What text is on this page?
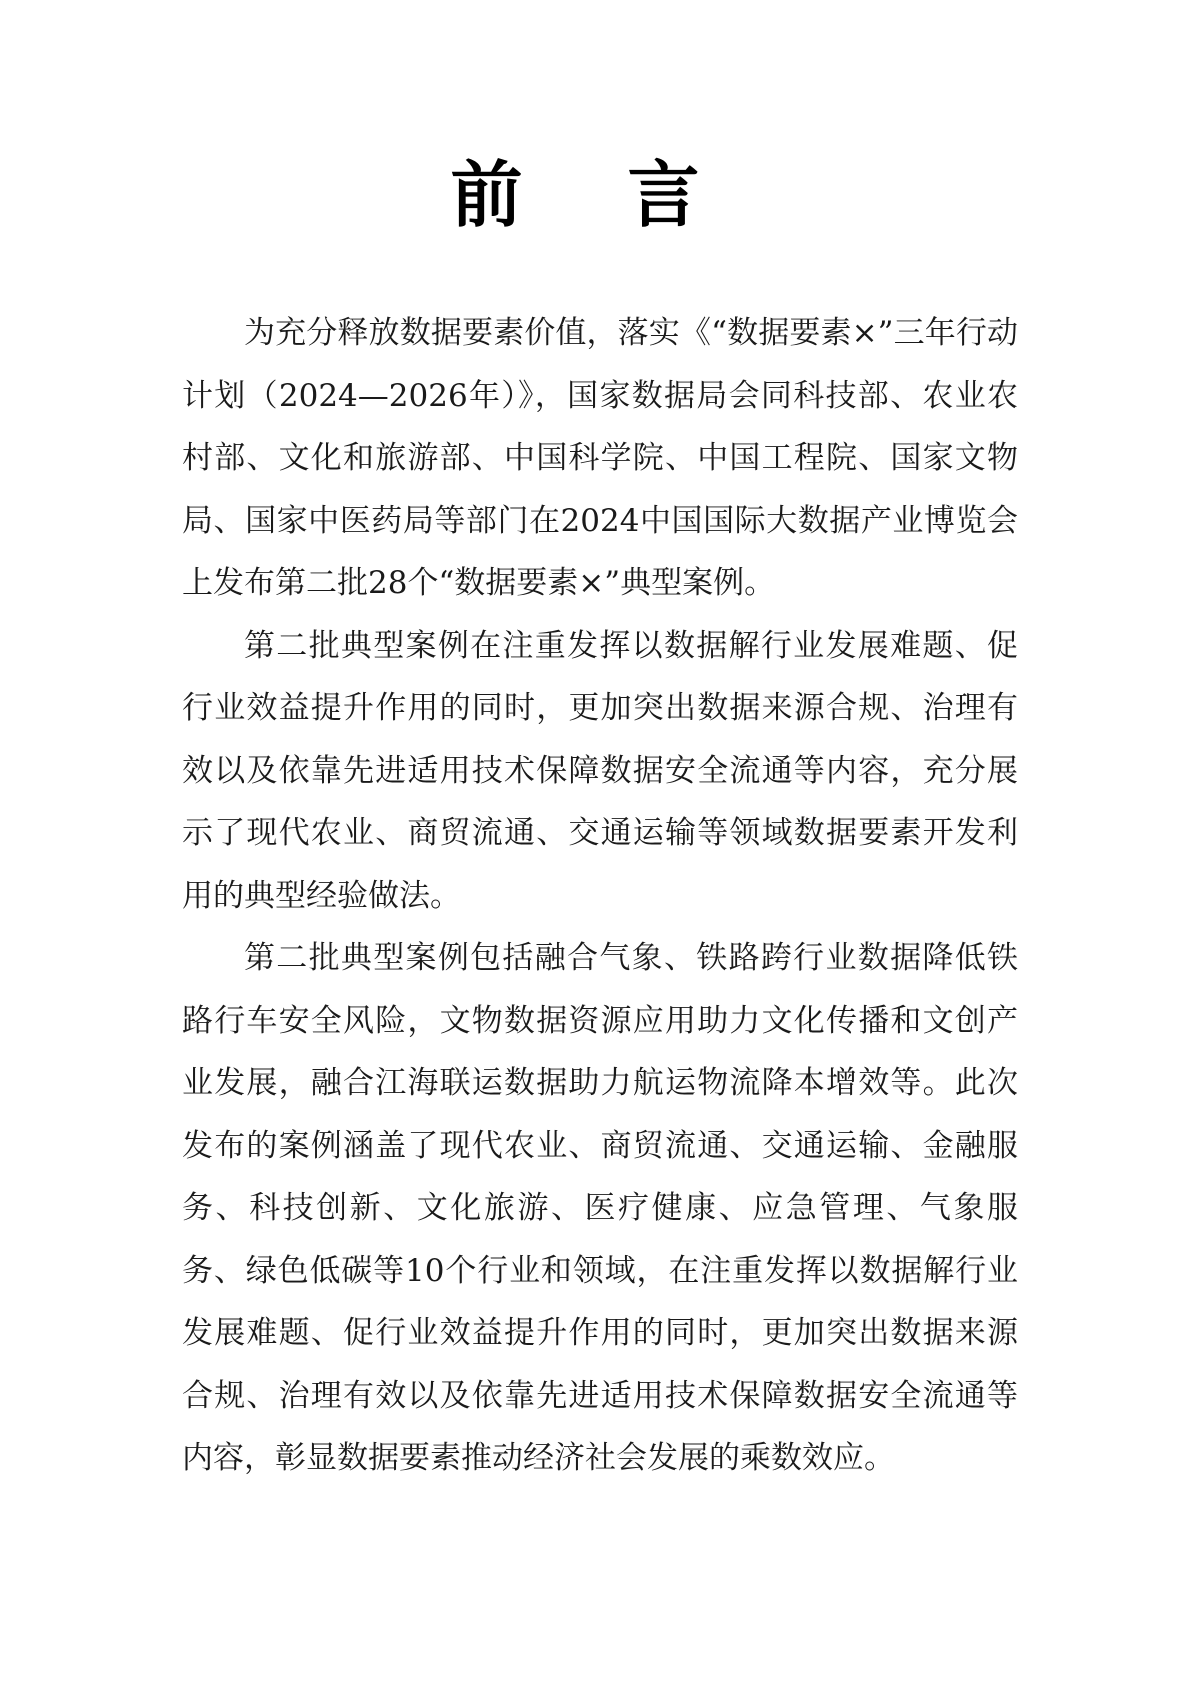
前 言

为充分释放数据要素价值，落实《“数据要素×”三年行动计划（2024—2026年）》，国家数据局会同科技部、农业农村部、文化和旅游部、中国科学院、中国工程院、国家文物局、国家中医药局等部门在2024中国国际大数据产业博览会上发布第二批28个“数据要素×”典型案例。

第二批典型案例在注重发挥以数据解行业发展难题、促行业效益提升作用的同时，更加突出数据来源合规、治理有效以及依靠先进适用技术保障数据安全流通等内容，充分展示了现代农业、商贸流通、交通运输等领域数据要素开发利用的典型经验做法。

第二批典型案例包括融合气象、铁路跨行业数据降低铁路行车安全风险，文物数据资源应用助力文化传播和文创产业发展，融合江海联运数据助力航运物流降本增效等。此次发布的案例涵盖了现代农业、商贸流通、交通运输、金融服务、科技创新、文化旅游、医疗健康、应急管理、气象服务、绿色低碳等10个行业和领域，在注重发挥以数据解行业发展难题、促行业效益提升作用的同时，更加突出数据来源合规、治理有效以及依靠先进适用技术保障数据安全流通等内容，彰显数据要素推动经济社会发展的乘数效应。
